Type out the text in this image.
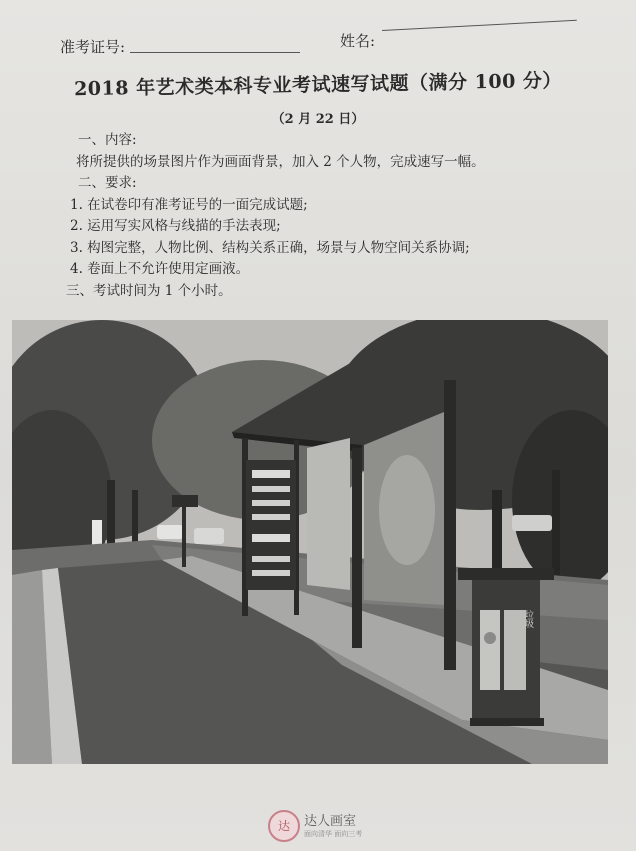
准考证号:	姓名:
2018 年艺术类本科专业考试速写试题（满分 100 分）
（2 月 22 日）
一、内容:
将所提供的场景图片作为画面背景，加入 2 个人物，完成速写一幅。
二、要求:
1. 在试卷印有准考证号的一面完成试题;
2. 运用写实风格与线描的手法表现;
3. 构图完整，人物比例、结构关系正确，场景与人物空间关系协调;
4. 卷面上不允许使用定画液。
三、考试时间为 1 个小时。
垃圾
达	达人画室
面向清华 面向三考
